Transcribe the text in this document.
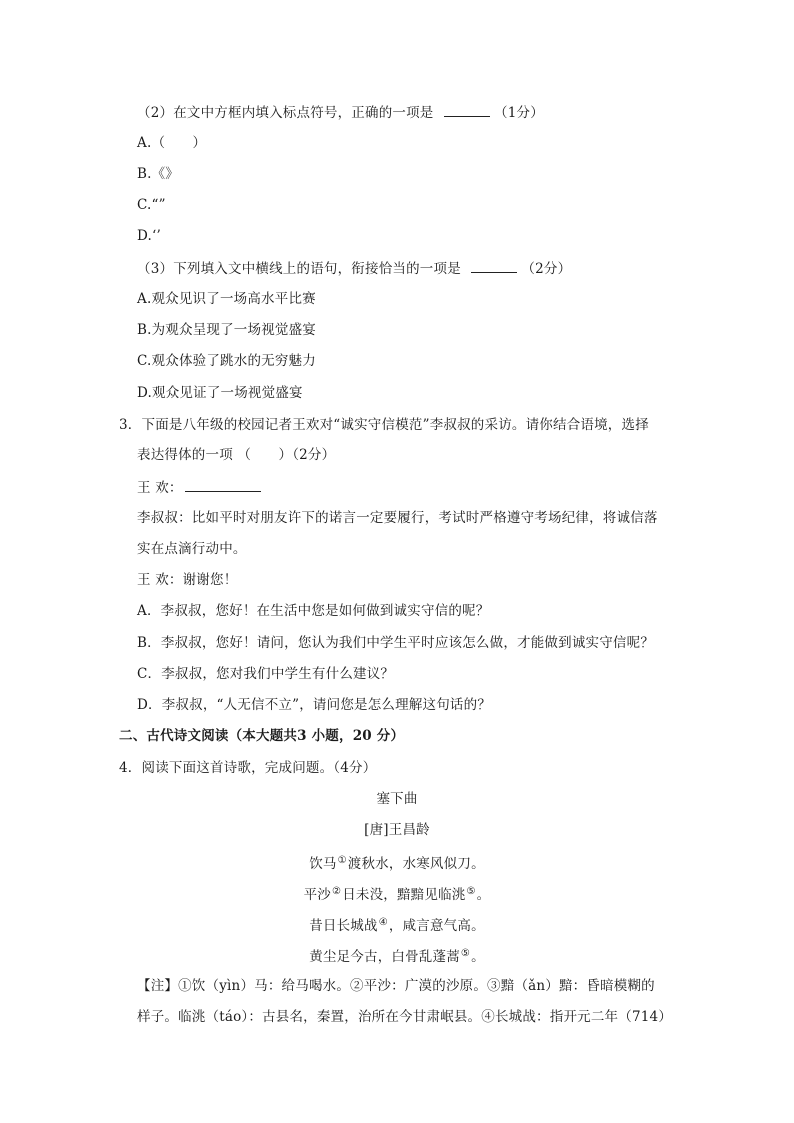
（2）在文中方框内填入标点符号，正确的一项是	（1分）
A.（　　）
B.《》
C.“”
D.‘’
（3）下列填入文中横线上的语句，衔接恰当的一项是	（2分）
A.观众见识了一场高水平比赛
B.为观众呈现了一场视觉盛宴
C.观众体验了跳水的无穷魅力
D.观众见证了一场视觉盛宴
3．下面是八年级的校园记者王欢对“诚实守信模范”李叔叔的采访。请你结合语境，选择
表达得体的一项 （　　）（2分）
王 欢：
李叔叔：比如平时对朋友许下的诺言一定要履行，考试时严格遵守考场纪律，将诚信落
实在点滴行动中。
王 欢：谢谢您！
A．李叔叔，您好！在生活中您是如何做到诚实守信的呢？
B．李叔叔，您好！请问，您认为我们中学生平时应该怎么做，才能做到诚实守信呢？
C．李叔叔，您对我们中学生有什么建议？
D．李叔叔，“人无信不立”，请问您是怎么理解这句话的？
二、古代诗文阅读（本大题共3 小题，20 分）
4．阅读下面这首诗歌，完成问题。（4分）
塞下曲
[唐]王昌龄
饮马①渡秋水，水寒风似刀。
平沙②日未没，黯黯见临洮⑤。
昔日长城战④，咸言意气高。
黄尘足今古，白骨乱蓬蒿⑤。
【注】①饮（yìn）马：给马喝水。②平沙：广漠的沙原。③黯（ǎn）黯：昏暗模糊的
样子。临洮（táo）：古县名，秦置，治所在今甘肃岷县。④长城战：指开元二年（714）
